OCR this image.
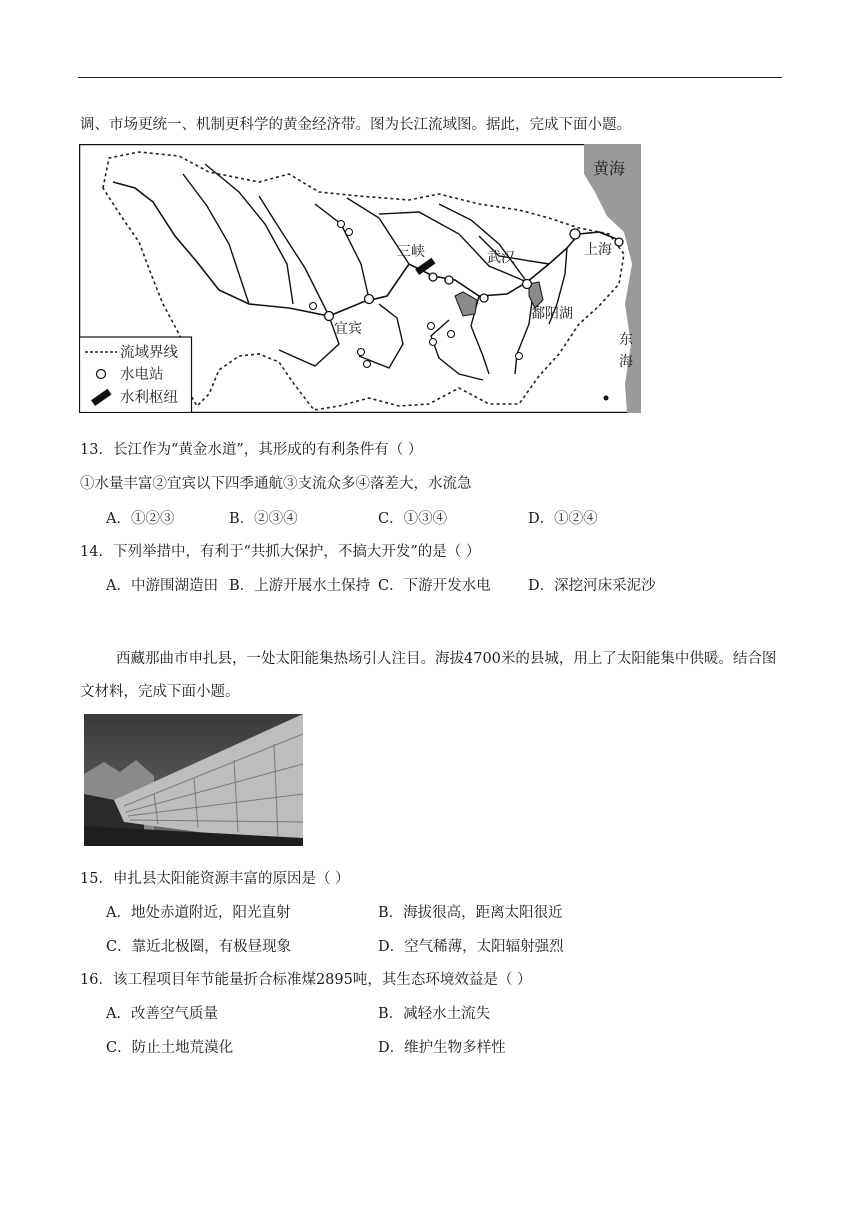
调、市场更统一、机制更科学的黄金经济带。图为长江流域图。据此，完成下面小题。
黄海
三峡	武汉	上海
宜宾
鄱阳湖
东
海
流域界线
水电站
水利枢纽
13．长江作为“黄金水道”，其形成的有利条件有（ ）
①水量丰富②宜宾以下四季通航③支流众多④落差大，水流急
A．①②③	B．②③④	C．①③④	D．①②④
14．下列举措中，有利于“共抓大保护，不搞大开发”的是（ ）
A．中游围湖造田 B．上游开展水土保持 C．下游开发水电	D．深挖河床采泥沙
西藏那曲市申扎县，一处太阳能集热场引人注目。海拔4700米的县城，用上了太阳能集中供暖。结合图文材料，完成下面小题。
15．申扎县太阳能资源丰富的原因是（ ）
A．地处赤道附近，阳光直射	B．海拔很高，距离太阳很近
C．靠近北极圈，有极昼现象	D．空气稀薄，太阳辐射强烈
16．该工程项目年节能量折合标准煤2895吨，其生态环境效益是（ ）
A．改善空气质量	B．减轻水土流失
C．防止土地荒漠化	D．维护生物多样性
